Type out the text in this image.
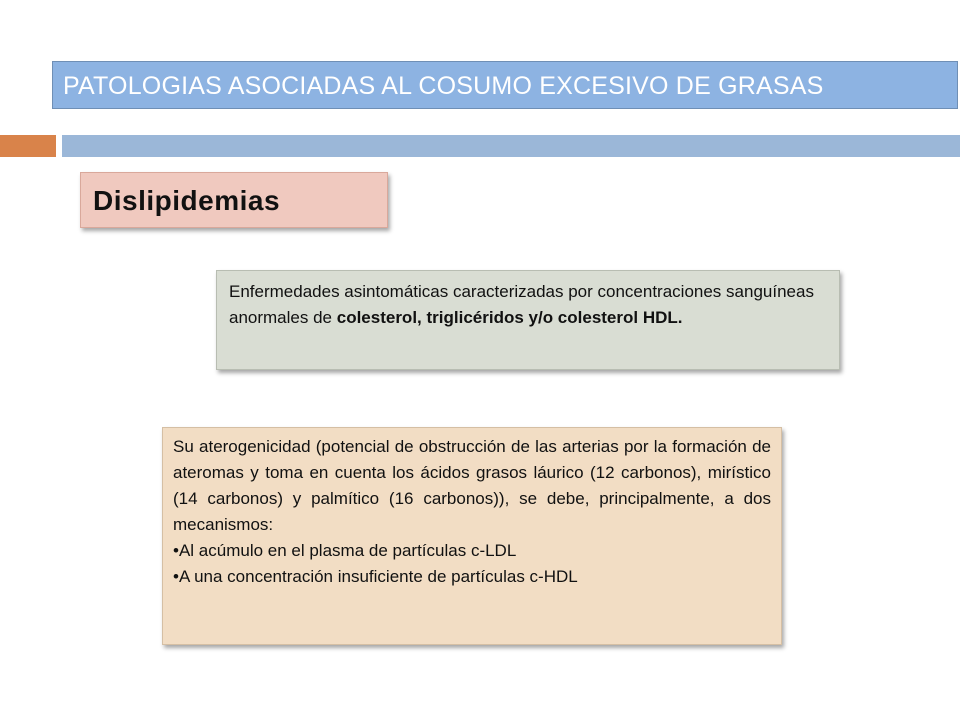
PATOLOGIAS ASOCIADAS AL COSUMO EXCESIVO DE GRASAS
Dislipidemias
Enfermedades asintomáticas caracterizadas por concentraciones sanguíneas anormales de colesterol, triglicéridos y/o colesterol HDL.

Su aterogenicidad (potencial de obstrucción de las arterias por la formación de ateromas y toma en cuenta los ácidos grasos láurico (12 carbonos), mirístico (14 carbonos) y palmítico (16 carbonos)), se debe, principalmente, a dos mecanismos:

•Al acúmulo en el plasma de partículas c-LDL

•A una concentración insuficiente de partículas c-HDL
